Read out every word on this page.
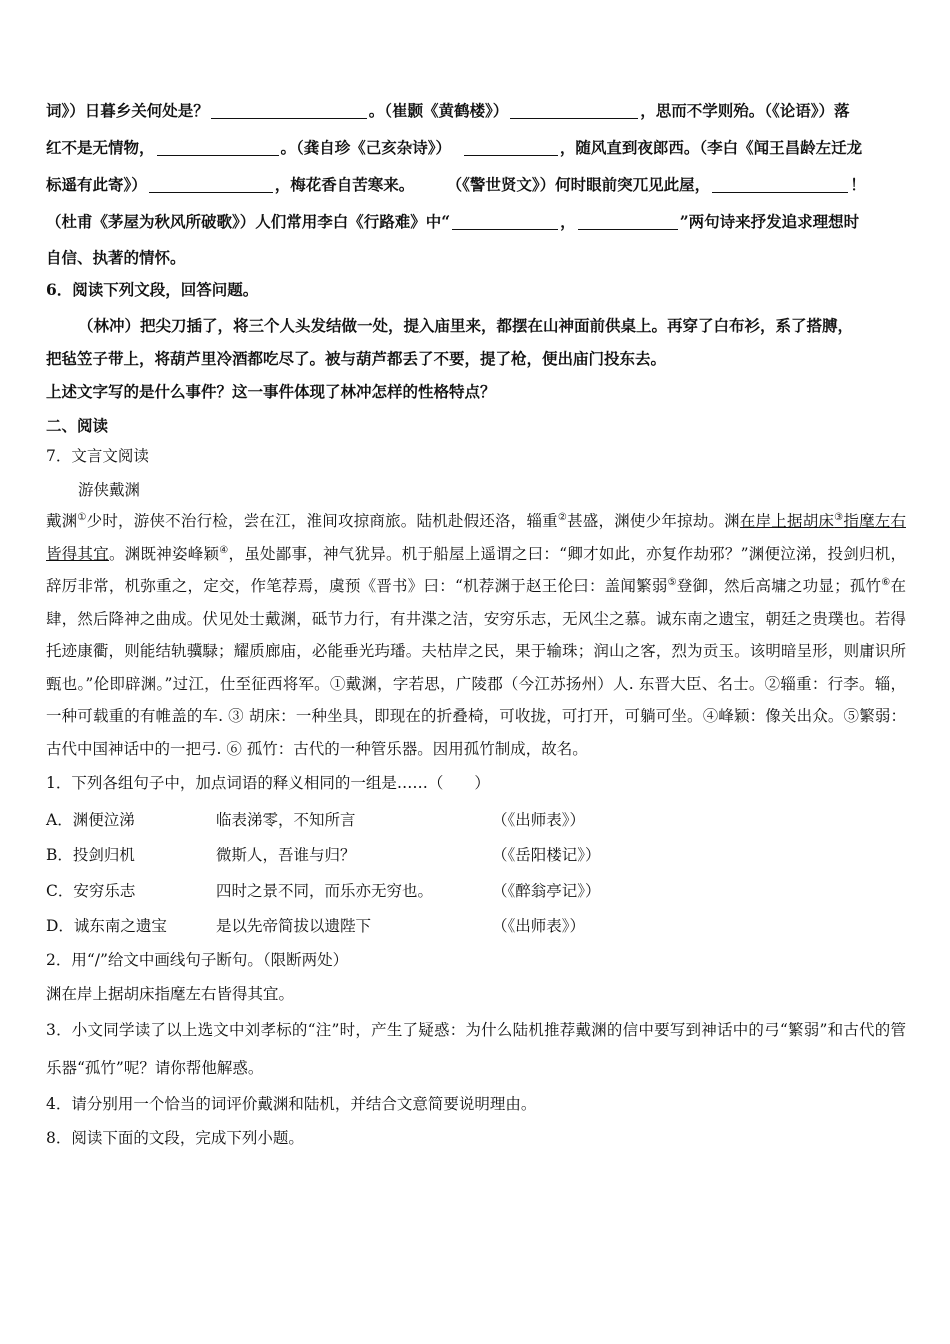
词》）日暮乡关何处是？	。（崔颢《黄鹤楼》）	，思而不学则殆。（《论语》）落

红不是无情物，	。（龚自珍《己亥杂诗》）	，随风直到夜郎西。（李白《闻王昌龄左迁龙

标遥有此寄》）	，梅花香自苦寒来。 （《警世贤文》）何时眼前突兀见此屋，	！

（杜甫《茅屋为秋风所破歌》）人们常用李白《行路难》中“	，	”两句诗来抒发追求理想时

自信、执著的情怀。

6．阅读下列文段，回答问题。

（林冲）把尖刀插了，将三个人头发结做一处，提入庙里来，都摆在山神面前供桌上。再穿了白布衫，系了搭膊，

把毡笠子带上，将葫芦里冷酒都吃尽了。被与葫芦都丢了不要，提了枪，便出庙门投东去。

上述文字写的是什么事件？这一事件体现了林冲怎样的性格特点？

二、阅读

7．文言文阅读

游侠戴渊

戴渊①少时，游侠不治行检，尝在江，淮间攻掠商旅。陆机赴假还洛，辎重②甚盛，渊使少年掠劫。渊在岸上据胡床③指麾左右皆得其宜。渊既神姿峰颖④，虽处鄙事，神气犹异。机于船屋上遥谓之曰：“卿才如此，亦复作劫邪？”渊便泣涕，投剑归机，辞厉非常，机弥重之，定交，作笔荐焉，虞预《晋书》曰：“机荐渊于赵王伦曰：盖闻繁弱⑤登御，然后高墉之功显；孤竹⑥在肆，然后降神之曲成。伏见处士戴渊，砥节力行，有井渫之洁，安穷乐志，无风尘之慕。诚东南之遗宝，朝廷之贵璞也。若得托迹康衢，则能结轨骥騄；耀质廊庙，必能垂光玙璠。夫枯岸之民，果于输珠；润山之客，烈为贡玉。该明暗呈形，则庸识所甄也。”伦即辟渊。”过江，仕至征西将军。①戴渊，字若思，广陵郡（今江苏扬州）人. 东晋大臣、名士。②辎重：行李。辎，一种可载重的有帷盖的车. ③ 胡床：一种坐具，即现在的折叠椅，可收拢，可打开，可躺可坐。④峰颖：像关出众。⑤繁弱：古代中国神话中的一把弓. ⑥ 孤竹：古代的一种管乐器。因用孤竹制成，故名。

1．下列各组句子中，加点词语的释义相同的一组是……（　　）

A．渊便泣涕	临表涕零，不知所言	（《出师表》）
B．投剑归机	微斯人，吾谁与归？	（《岳阳楼记》）
C．安穷乐志	四时之景不同，而乐亦无穷也。	（《醉翁亭记》）
D．诚东南之遗宝	是以先帝简拔以遗陛下	（《出师表》）

2．用“/”给文中画线句子断句。（限断两处）

渊在岸上据胡床指麾左右皆得其宜。

3．小文同学读了以上选文中刘孝标的“注”时，产生了疑惑：为什么陆机推荐戴渊的信中要写到神话中的弓“繁弱”和古代的管乐器“孤竹”呢？请你帮他解惑。

4．请分别用一个恰当的词评价戴渊和陆机，并结合文意简要说明理由。

8．阅读下面的文段，完成下列小题。
